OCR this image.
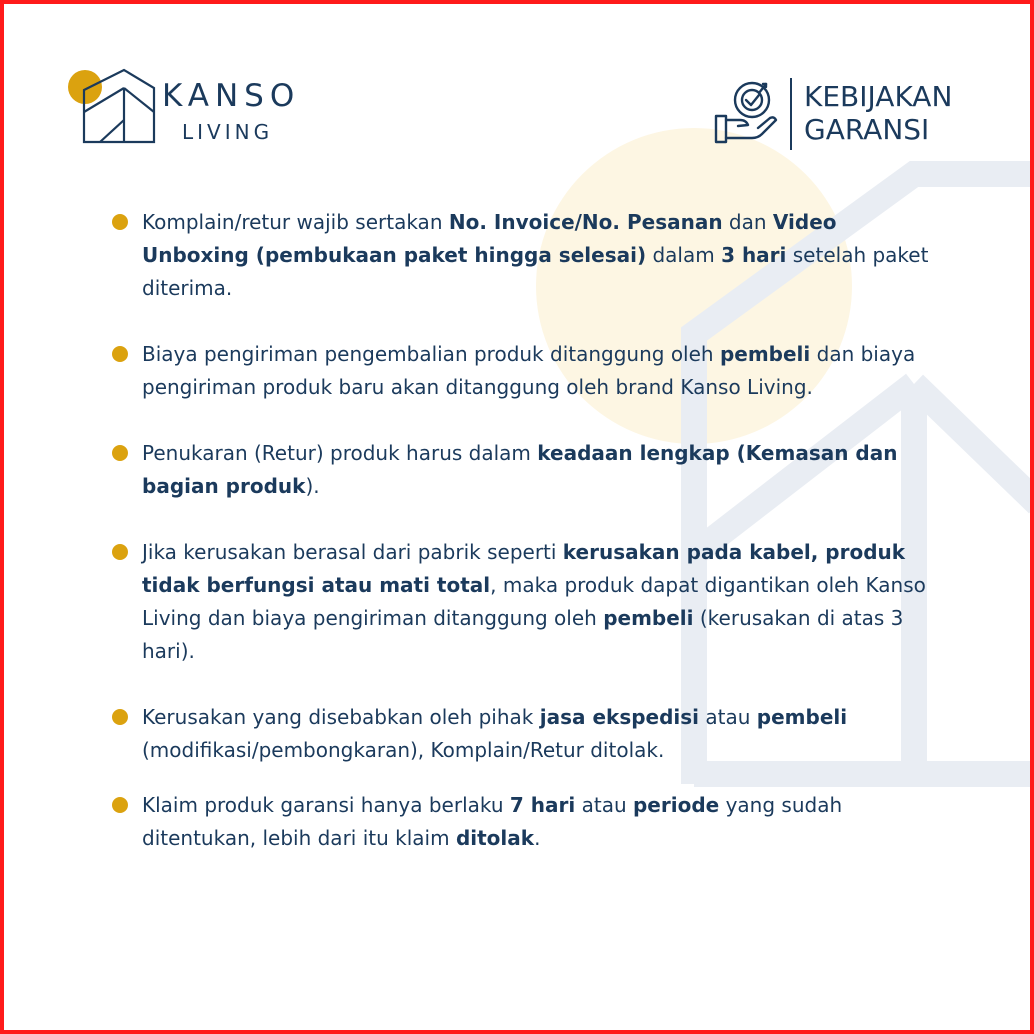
KANSO
LIVING
KEBIJAKAN
GARANSI
Komplain/retur wajib sertakan No. Invoice/No. Pesanan dan Video Unboxing (pembukaan paket hingga selesai) dalam 3 hari setelah paket diterima.
Biaya pengiriman pengembalian produk ditanggung oleh pembeli dan biaya pengiriman produk baru akan ditanggung oleh brand Kanso Living.
Penukaran (Retur) produk harus dalam keadaan lengkap (Kemasan dan bagian produk).
Jika kerusakan berasal dari pabrik seperti kerusakan pada kabel, produk tidak berfungsi atau mati total, maka produk dapat digantikan oleh Kanso Living dan biaya pengiriman ditanggung oleh pembeli (kerusakan di atas 3 hari).
Kerusakan yang disebabkan oleh pihak jasa ekspedisi atau pembeli (modifikasi/pembongkaran), Komplain/Retur ditolak.
Klaim produk garansi hanya berlaku 7 hari atau periode yang sudah ditentukan, lebih dari itu klaim ditolak.
